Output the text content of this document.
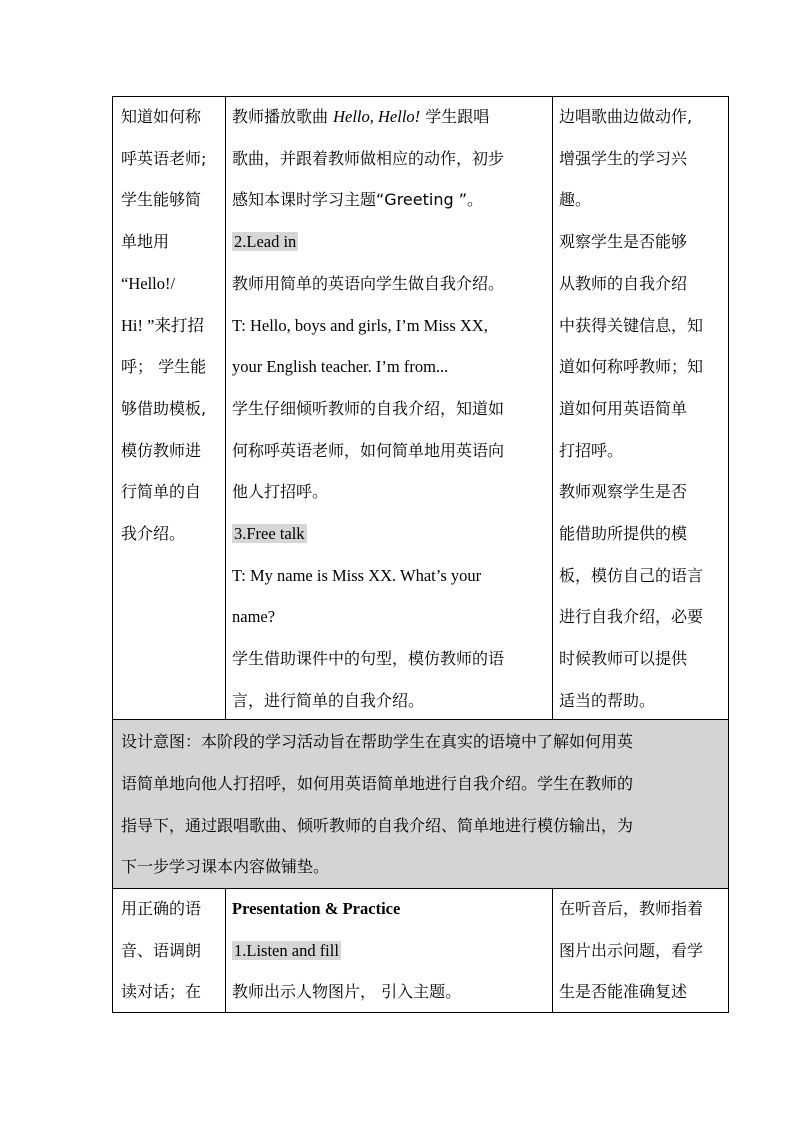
知道如何称
呼英语老师;
学生能够简
单地用
“Hello!/
Hi! ”来打招
呼； 学生能
够借助模板,
模仿教师进
行简单的自
我介绍。
教师播放歌曲 Hello, Hello! 学生跟唱
歌曲，并跟着教师做相应的动作，初步
感知本课时学习主题“Greeting ”。
2.Lead in
教师用简单的英语向学生做自我介绍。
T: Hello, boys and girls, I’m Miss XX,
your English teacher. I’m from...
学生仔细倾听教师的自我介绍，知道如
何称呼英语老师，如何简单地用英语向
他人打招呼。
3.Free talk
T: My name is Miss XX. What’s your
name?
学生借助课件中的句型，模仿教师的语
言，进行简单的自我介绍。
边唱歌曲边做动作,
增强学生的学习兴
趣。
观察学生是否能够
从教师的自我介绍
中获得关键信息，知
道如何称呼教师；知
道如何用英语简单
打招呼。
教师观察学生是否
能借助所提供的模
板，模仿自己的语言
进行自我介绍，必要
时候教师可以提供
适当的帮助。
设计意图：本阶段的学习活动旨在帮助学生在真实的语境中了解如何用英
语简单地向他人打招呼，如何用英语简单地进行自我介绍。学生在教师的
指导下，通过跟唱歌曲、倾听教师的自我介绍、简单地进行模仿输出，为
下一步学习课本内容做铺垫。
用正确的语
音、语调朗
读对话；在
Presentation & Practice
1.Listen and fill
教师出示人物图片， 引入主题。
在听音后，教师指着
图片出示问题，看学
生是否能准确复述
